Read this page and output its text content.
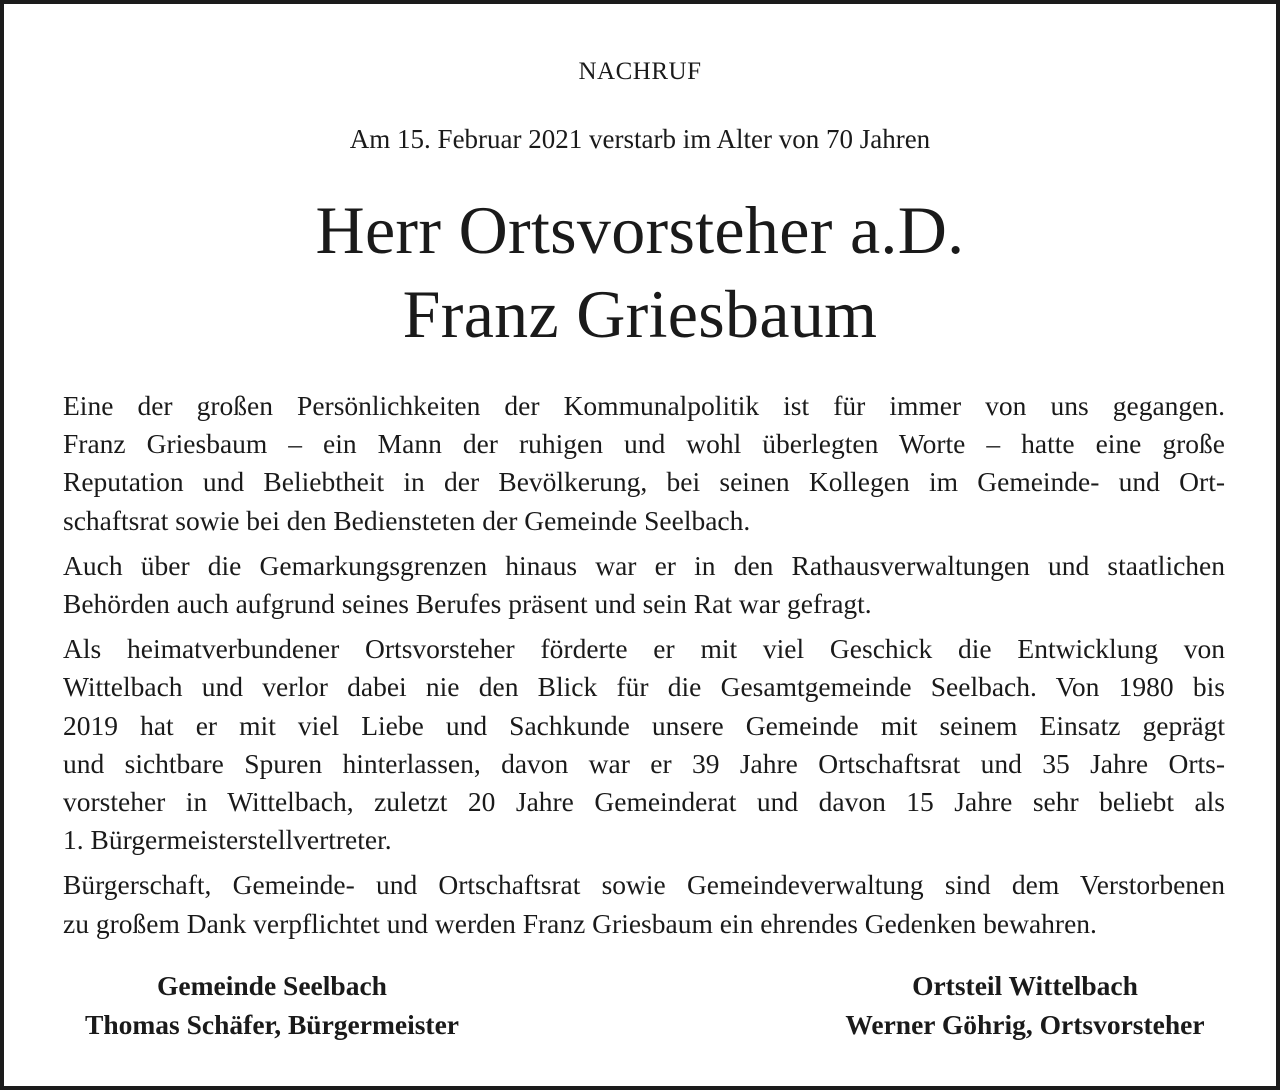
NACHRUF
Am 15. Februar 2021 verstarb im Alter von 70 Jahren
Herr Ortsvorsteher a.D.
Franz Griesbaum

Eine der großen Persönlichkeiten der Kommunalpolitik ist für immer von uns gegangen.
Franz Griesbaum – ein Mann der ruhigen und wohl überlegten Worte – hatte eine große
Reputation und Beliebtheit in der Bevölkerung, bei seinen Kollegen im Gemeinde- und Ort-
schaftsrat sowie bei den Bediensteten der Gemeinde Seelbach.

Auch über die Gemarkungsgrenzen hinaus war er in den Rathausverwaltungen und staatlichen
Behörden auch aufgrund seines Berufes präsent und sein Rat war gefragt.

Als heimatverbundener Ortsvorsteher förderte er mit viel Geschick die Entwicklung von
Wittelbach und verlor dabei nie den Blick für die Gesamtgemeinde Seelbach. Von 1980 bis
2019 hat er mit viel Liebe und Sachkunde unsere Gemeinde mit seinem Einsatz geprägt
und sichtbare Spuren hinterlassen, davon war er 39 Jahre Ortschaftsrat und 35 Jahre Orts-
vorsteher in Wittelbach, zuletzt 20 Jahre Gemeinderat und davon 15 Jahre sehr beliebt als
1. Bürgermeisterstellvertreter.

Bürgerschaft, Gemeinde- und Ortschaftsrat sowie Gemeindeverwaltung sind dem Verstorbenen
zu großem Dank verpflichtet und werden Franz Griesbaum ein ehrendes Gedenken bewahren.

Gemeinde Seelbach
Thomas Schäfer, Bürgermeister
Ortsteil Wittelbach
Werner Göhrig, Ortsvorsteher
